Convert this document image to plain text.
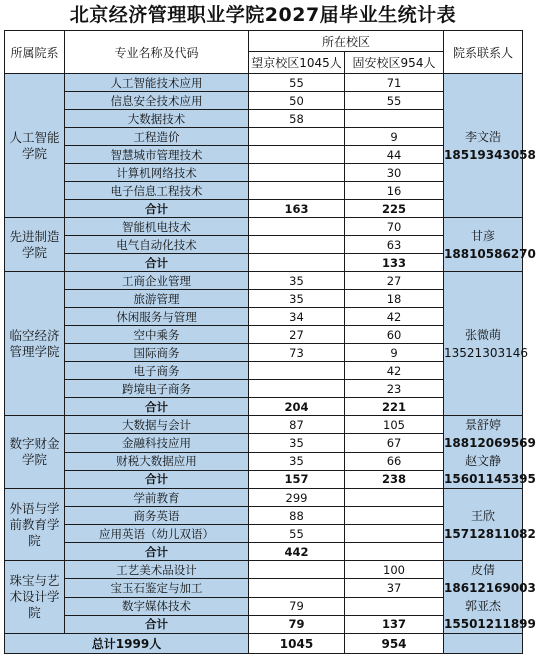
北京经济管理职业学院2027届毕业生统计表
所属院系	专业名称及代码	所在校区		院系联系人
		望京校区1045人	固安校区954人	
人工智能学院	人工智能技术应用	55	71	李文浩
18519343058

	信息安全技术应用	50	55	
	大数据技术	58		
	工程造价		9	
	智慧城市管理技术		44	
	计算机网络技术		30	
	电子信息工程技术		16	
	合计	163	225	
先进制造学院	智能机电技术		70	甘彦
18810586270

	电气自动化技术		63	
	合计		133	
临空经济管理学院	工商企业管理	35	27	张微萌
13521303146

	旅游管理	35	18	
	休闲服务与管理	34	42	
	空中乘务	27	60	
	国际商务	73	9	
	电子商务		42	
	跨境电子商务		23	
	合计	204	221	
数字财金学院	大数据与会计	87	105	景舒婷
18812069569
赵文静
15601145395

	金融科技应用	35	67	
	财税大数据应用	35	66	
	合计	157	238	
外语与学前教育学院	学前教育	299		王欣
15712811082

	商务英语	88		
	应用英语（幼儿双语）	55		
	合计	442		
珠宝与艺术设计学院	工艺美术品设计		100	皮倩
18612169003
郭亚杰
15501211899

	宝玉石鉴定与加工		37	
	数字媒体技术	79		
	合计	79	137	
总计1999人		1045	954	
